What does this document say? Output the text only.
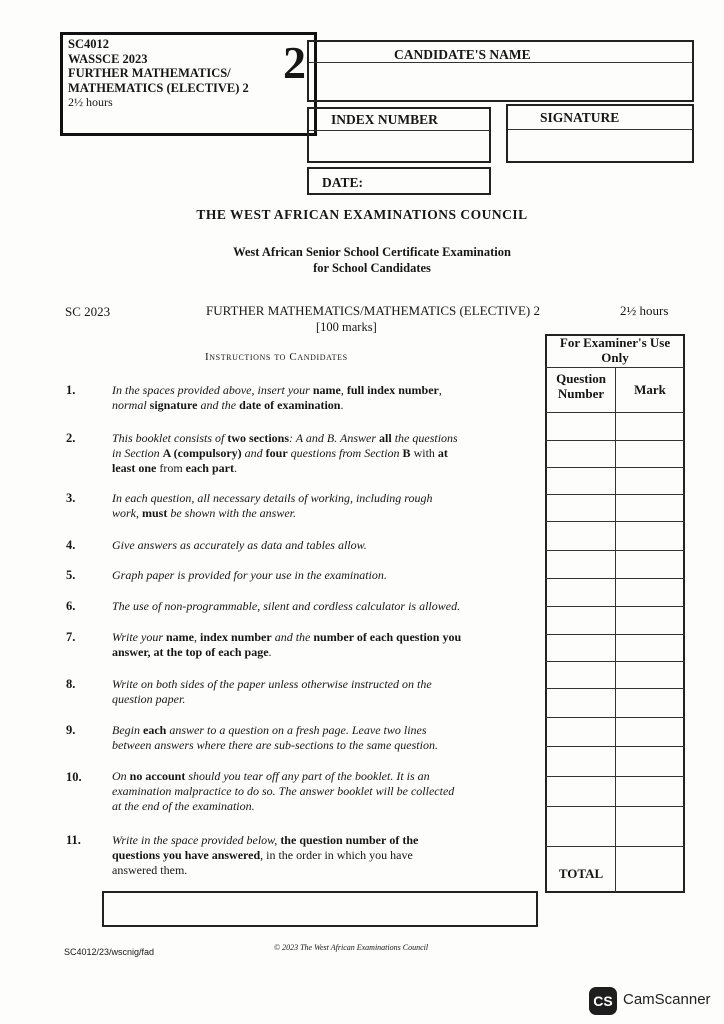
SC4012
WASSCE 2023
FURTHER MATHEMATICS/
MATHEMATICS (ELECTIVE) 2
2½ hours
2	CANDIDATE'S NAME
INDEX NUMBER	SIGNATURE
DATE:
THE WEST AFRICAN EXAMINATIONS COUNCIL
West African Senior School Certificate Examination
for School Candidates
SC 2023	FURTHER MATHEMATICS/MATHEMATICS (ELECTIVE) 2	2½ hours
[100 marks]
Instructions to Candidates
1.	In the spaces provided above, insert your name, full index number,
normal signature and the date of examination.
2.	This booklet consists of two sections: A and B. Answer all the questions
in Section A (compulsory) and four questions from Section B with at
least one from each part.
3.	In each question, all necessary details of working, including rough
work, must be shown with the answer.
4.	Give answers as accurately as data and tables allow.
5.	Graph paper is provided for your use in the examination.
6.	The use of non-programmable, silent and cordless calculator is allowed.
7.	Write your name, index number and the number of each question you
answer, at the top of each page.
8.	Write on both sides of the paper unless otherwise instructed on the
question paper.
9.	Begin each answer to a question on a fresh page. Leave two lines
between answers where there are sub-sections to the same question.
10.	On no account should you tear off any part of the booklet. It is an
examination malpractice to do so. The answer booklet will be collected
at the end of the examination.
11.	Write in the space provided below, the question number of the
questions you have answered, in the order in which you have
answered them.
For Examiner's Use Only
Question Number	Mark
TOTAL
SC4012/23/wscnig/fad	© 2023 The West African Examinations Council
CS CamScanner
